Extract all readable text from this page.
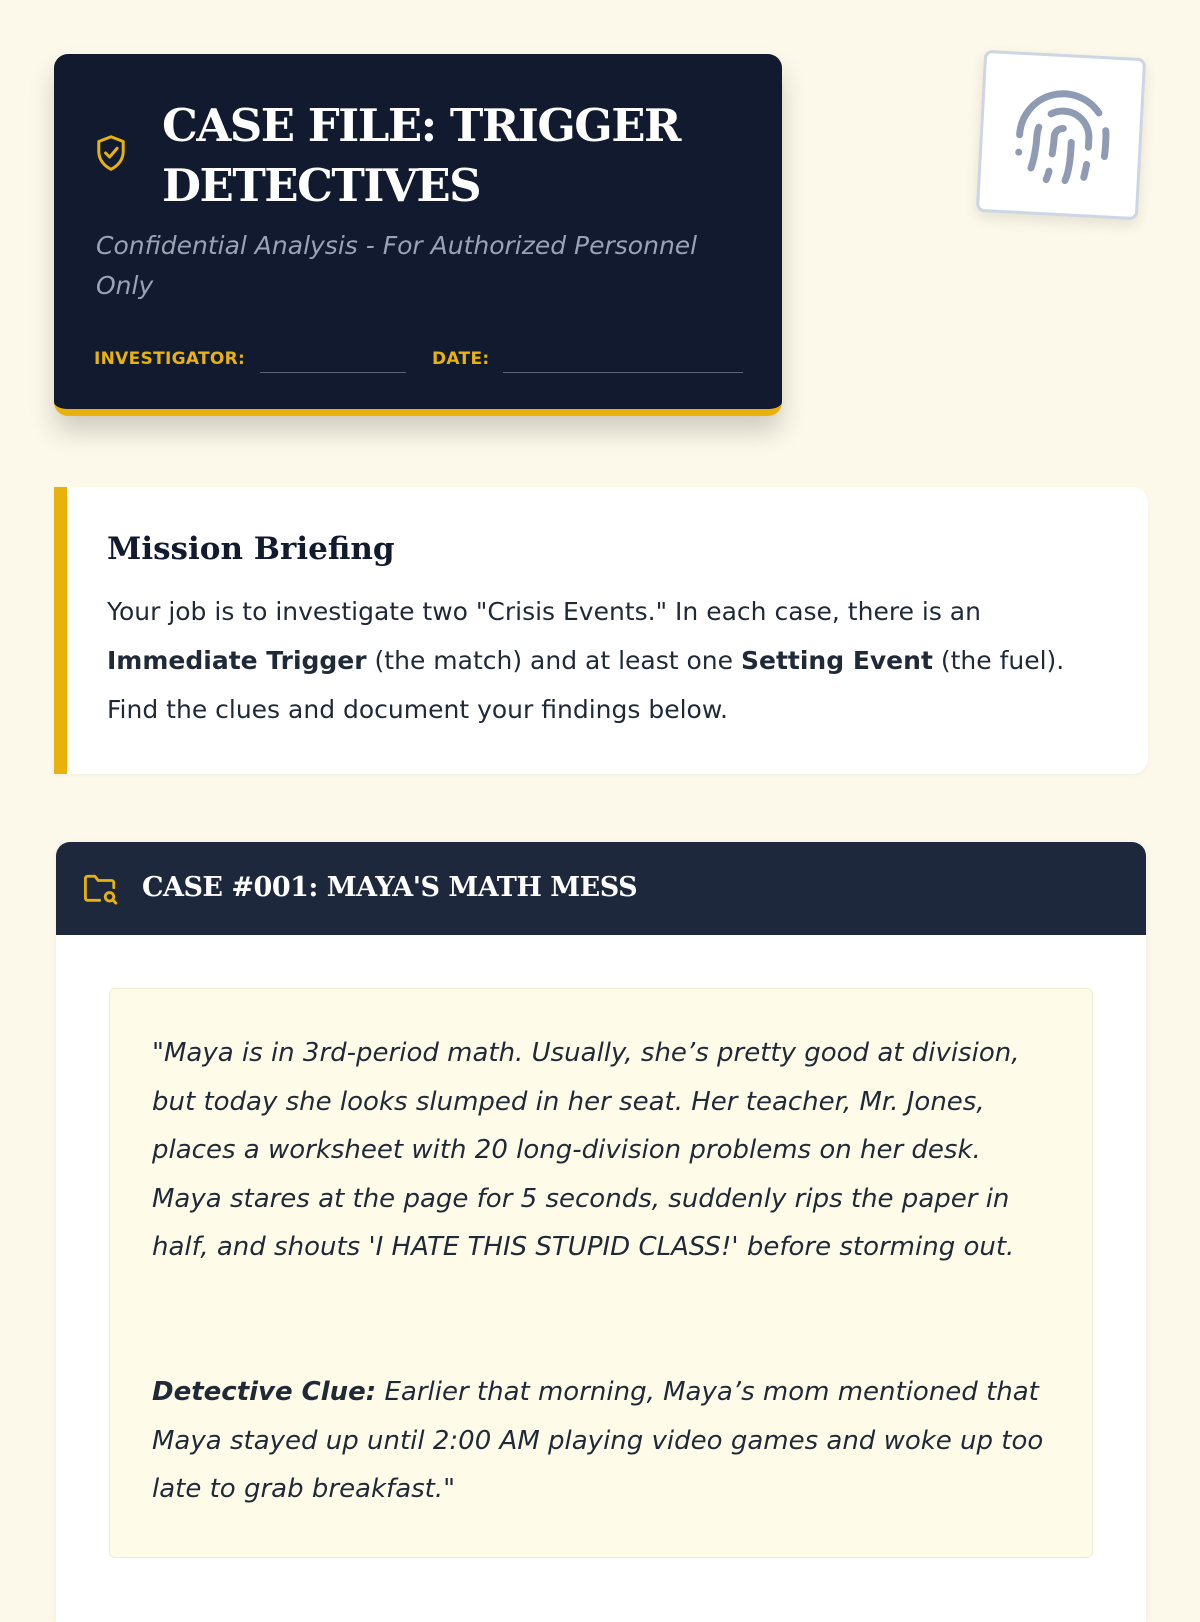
CASE FILE: TRIGGER DETECTIVES

Confidential Analysis - For Authorized Personnel Only

INVESTIGATOR:	DATE:
Mission Briefing

Your job is to investigate two "Crisis Events." In each case, there is an Immediate Trigger (the match) and at least one Setting Event (the fuel). Find the clues and document your findings below.

CASE #001: MAYA'S MATH MESS

"Maya is in 3rd-period math. Usually, she’s pretty good at division, but today she looks slumped in her seat. Her teacher, Mr. Jones, places a worksheet with 20 long-division problems on her desk. Maya stares at the page for 5 seconds, suddenly rips the paper in half, and shouts 'I HATE THIS STUPID CLASS!' before storming out.

Detective Clue: Earlier that morning, Maya’s mom mentioned that Maya stayed up until 2:00 AM playing video games and woke up too late to grab breakfast."
